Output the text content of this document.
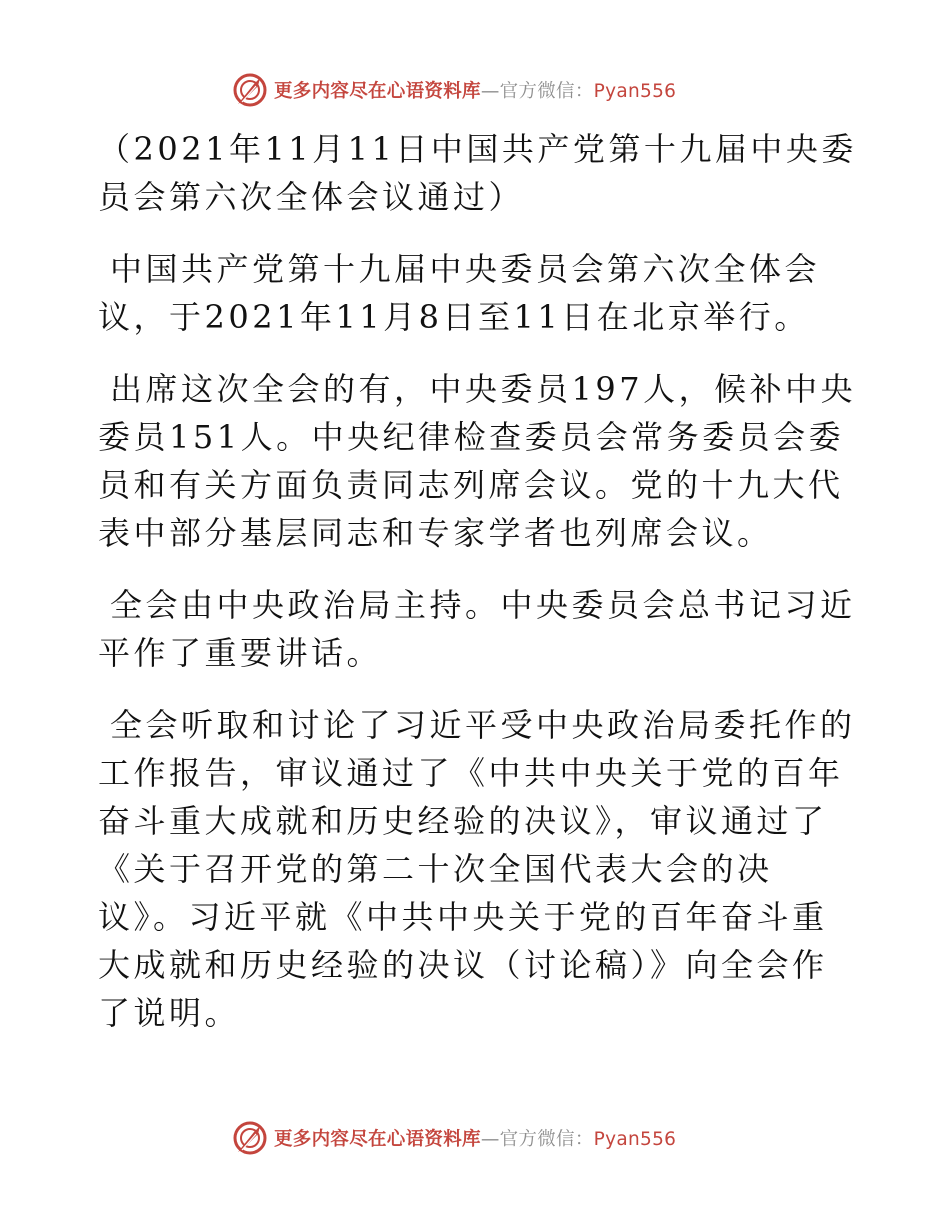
更多内容尽在心语资料库—官方微信：Pyan556

（2021年11月11日中国共产党第十九届中央委员会第六次全体会议通过）

中国共产党第十九届中央委员会第六次全体会议，于2021年11月8日至11日在北京举行。

出席这次全会的有，中央委员197人，候补中央委员151人。中央纪律检查委员会常务委员会委员和有关方面负责同志列席会议。党的十九大代表中部分基层同志和专家学者也列席会议。

全会由中央政治局主持。中央委员会总书记习近平作了重要讲话。

全会听取和讨论了习近平受中央政治局委托作的工作报告，审议通过了《中共中央关于党的百年奋斗重大成就和历史经验的决议》，审议通过了《关于召开党的第二十次全国代表大会的决议》。习近平就《中共中央关于党的百年奋斗重大成就和历史经验的决议（讨论稿）》向全会作了说明。

更多内容尽在心语资料库—官方微信：Pyan556
